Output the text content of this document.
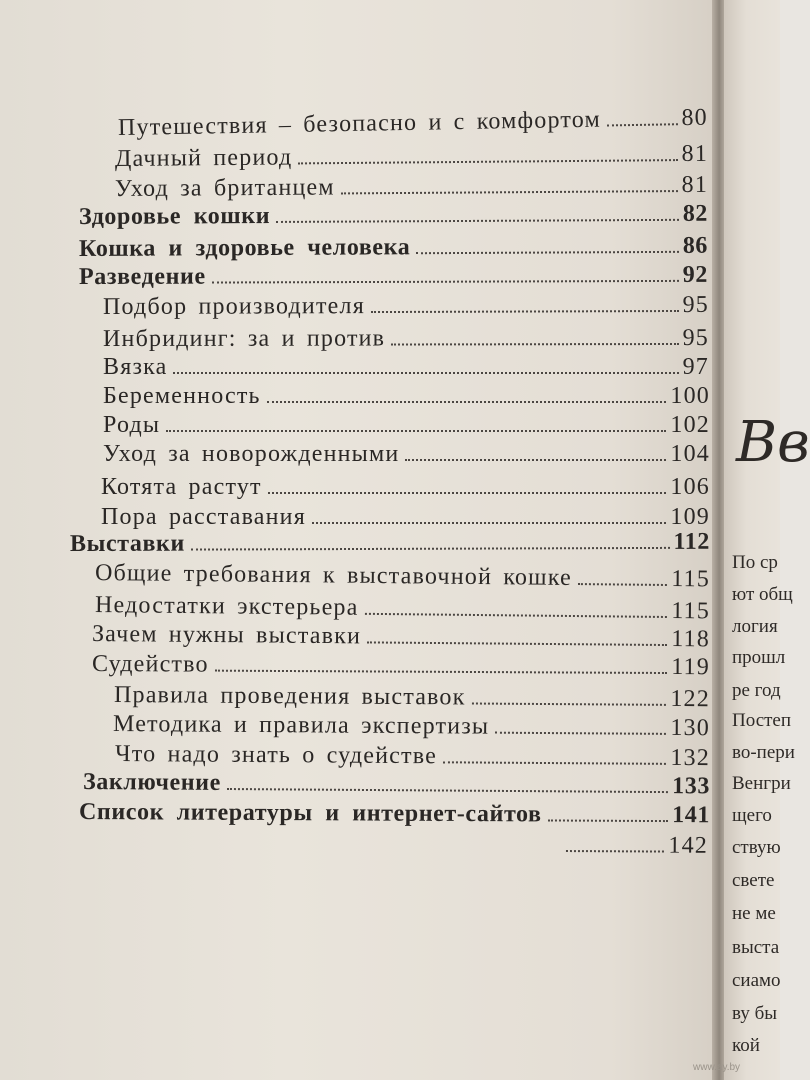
Путешествия – безопасно и с комфортом	80
Дачный период	81
Уход за британцем	81
Здоровье кошки	82
Кошка и здоровье человека	86
Разведение	92
Подбор производителя	95
Инбридинг: за и против	95
Вязка	97
Беременность	100
Роды	102
Уход за новорожденными	104
Котята растут	106
Пора расставания	109
Выставки	112
Общие требования к выставочной кошке	115
Недостатки экстерьера	115
Зачем нужны выставки	118
Судейство	119
Правила проведения выставок	122
Методика и правила экспертизы	130
Что надо знать о судействе	132
Заключение	133
Список литературы и интернет-сайтов	141
142
Вв
По ср
ют общ
логия
прошл
ре год
Постеп
во-пери
Венгри
щего
ствую
свете
не ме
выста
сиамо
ву бы
кой
www.ay.by
